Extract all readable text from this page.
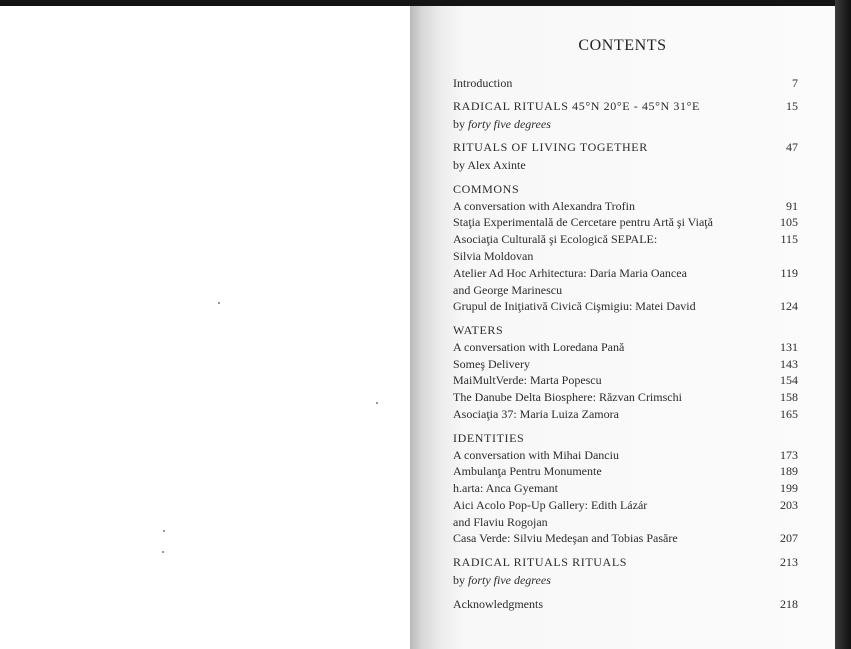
CONTENTS
Introduction	7
RADICAL RITUALS 45°N 20°E - 45°N 31°E	15
by forty five degrees
RITUALS OF LIVING TOGETHER	47
by Alex Axinte
COMMONS
A conversation with Alexandra Trofin	91
Staţia Experimentală de Cercetare pentru Artă şi Viaţă	105
Asociaţia Culturală şi Ecologică SEPALE:	115
Silvia Moldovan
Atelier Ad Hoc Arhitectura: Daria Maria Oancea	119
and George Marinescu
Grupul de Iniţiativă Civică Cişmigiu: Matei David	124
WATERS
A conversation with Loredana Pană	131
Someş Delivery	143
MaiMultVerde: Marta Popescu	154
The Danube Delta Biosphere: Răzvan Crimschi	158
Asociaţia 37: Maria Luiza Zamora	165
IDENTITIES
A conversation with Mihai Danciu	173
Ambulanţa Pentru Monumente	189
h.arta: Anca Gyemant	199
Aici Acolo Pop-Up Gallery: Edith Lázár	203
and Flaviu Rogojan
Casa Verde: Silviu Medeşan and Tobias Pasăre	207
RADICAL RITUALS RITUALS	213
by forty five degrees
Acknowledgments	218
